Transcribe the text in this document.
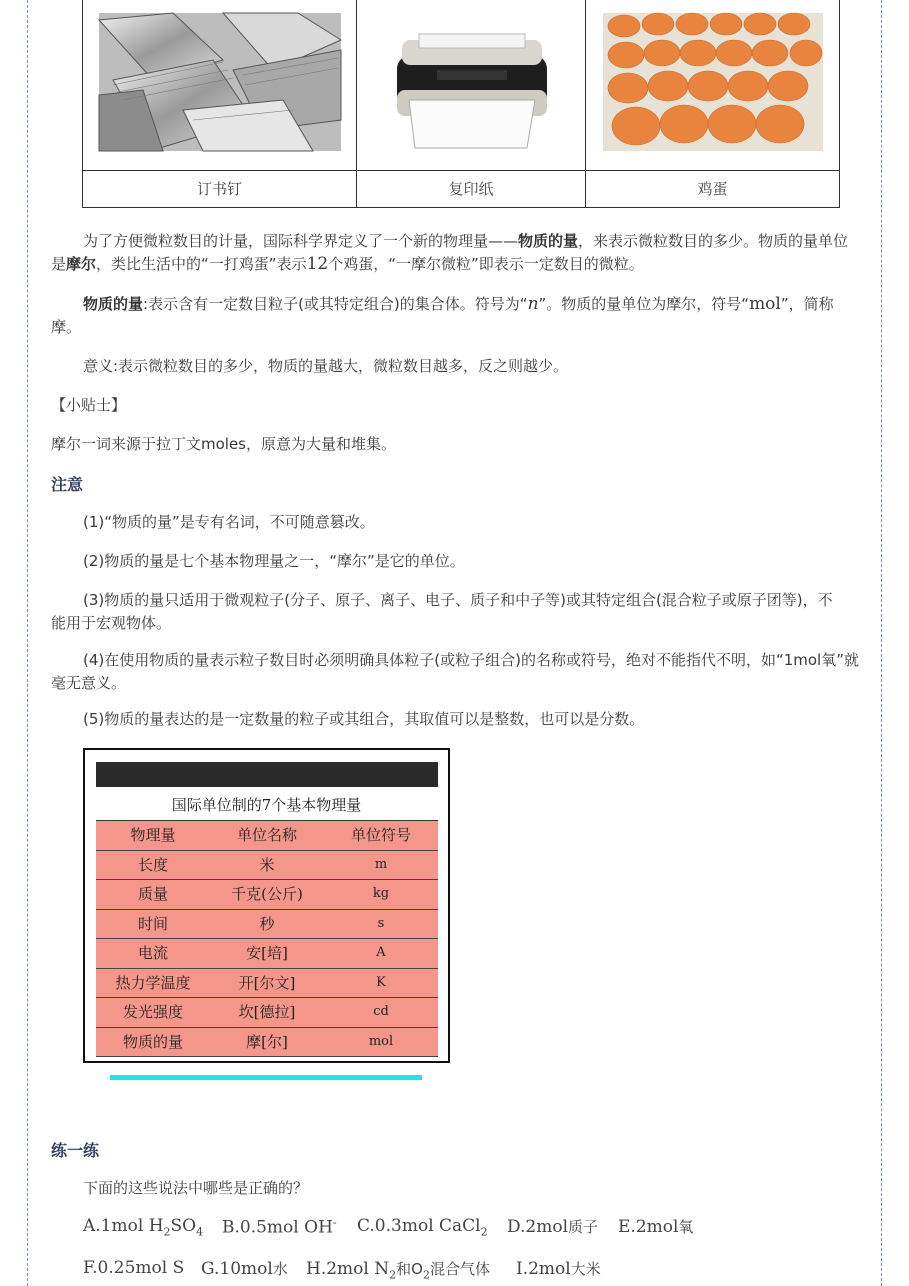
订书钉	复印纸	鸡蛋
为了方便微粒数目的计量，国际科学界定义了一个新的物理量——物质的量，来表示微粒数目的多少。物质的量单位是摩尔，类比生活中的“一打鸡蛋”表示12个鸡蛋，“一摩尔微粒”即表示一定数目的微粒。
物质的量:表示含有一定数目粒子(或其特定组合)的集合体。符号为“n”。物质的量单位为摩尔，符号“mol”，简称摩。
意义:表示微粒数目的多少，物质的量越大，微粒数目越多，反之则越少。
【小贴士】
摩尔一词来源于拉丁文moles，原意为大量和堆集。
注意
(1)“物质的量”是专有名词，不可随意篡改。
(2)物质的量是七个基本物理量之一，“摩尔”是它的单位。
(3)物质的量只适用于微观粒子(分子、原子、离子、电子、质子和中子等)或其特定组合(混合粒子或原子团等)，不能用于宏观物体。
(4)在使用物质的量表示粒子数目时必须明确具体粒子(或粒子组合)的名称或符号，绝对不能指代不明，如“1mol氧”就毫无意义。
(5)物质的量表达的是一定数量的粒子或其组合，其取值可以是整数，也可以是分数。
国际单位制的7个基本物理量
物理量	单位名称	单位符号
长度	米	m
质量	千克(公斤)	kg
时间	秒	s
电流	安[培]	A
热力学温度	开[尔文]	K
发光强度	坎[德拉]	cd
物质的量	摩[尔]	mol
练一练
下面的这些说法中哪些是正确的？
A.1mol $H_2SO_4$ B.0.5mol OH- C.0.3mol CaCl$_2$ D.2mol质子 E.2mol氧
F.0.25mol S G.10mol水 H.2mol $N_2$和$O_2$混合气体 I.2mol大米
